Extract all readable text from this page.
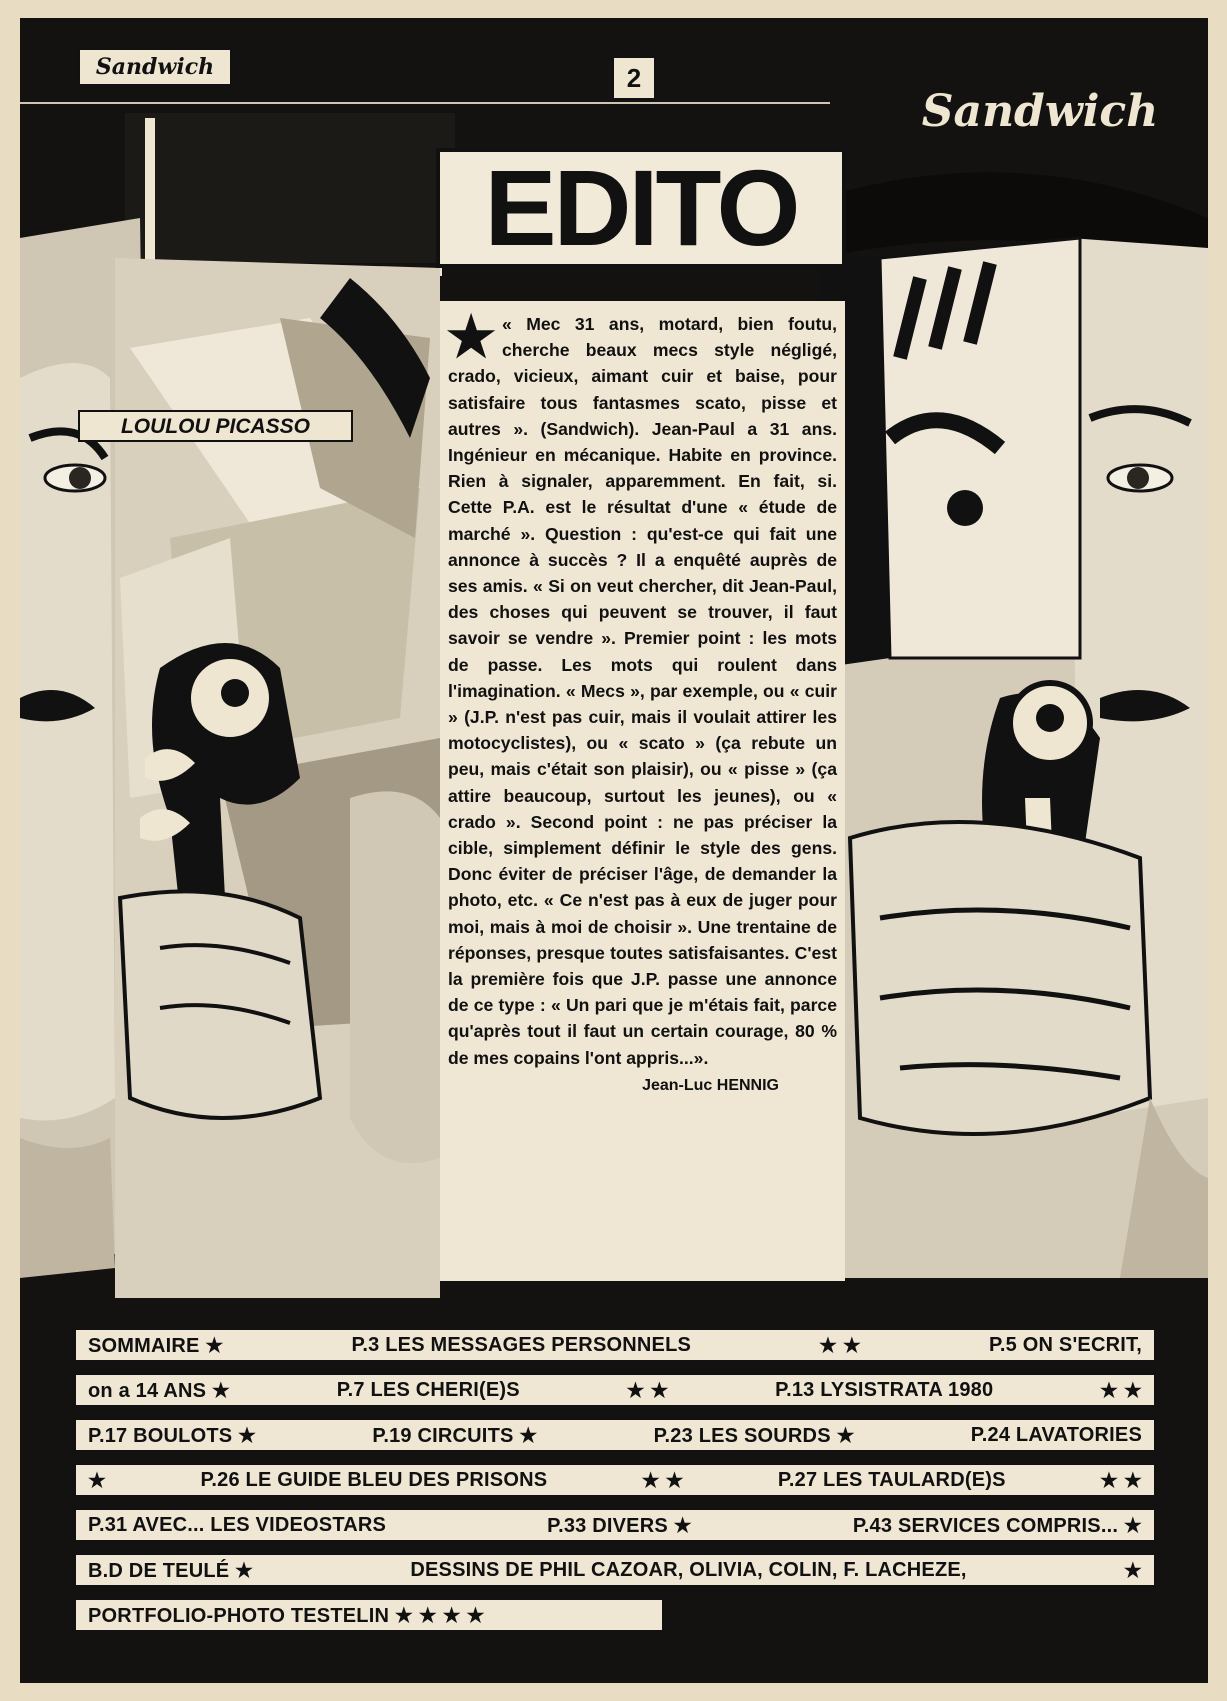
Sandwich	2
Sandwich
EDITO
LOULOU PICASSO
★ « Mec 31 ans, motard, bien foutu, cherche beaux mecs style négligé, crado, vicieux, aimant cuir et baise, pour satisfaire tous fantasmes scato, pisse et autres ». (Sandwich). Jean-Paul a 31 ans. Ingénieur en mécanique. Habite en province. Rien à signaler, apparemment. En fait, si. Cette P.A. est le résultat d'une « étude de marché ». Question : qu'est-ce qui fait une annonce à succès ? Il a enquêté auprès de ses amis. « Si on veut chercher, dit Jean-Paul, des choses qui peuvent se trouver, il faut savoir se vendre ». Premier point : les mots de passe. Les mots qui roulent dans l'imagination. « Mecs », par exemple, ou « cuir » (J.P. n'est pas cuir, mais il voulait attirer les motocyclistes), ou « scato » (ça rebute un peu, mais c'était son plaisir), ou « pisse » (ça attire beaucoup, surtout les jeunes), ou « crado ». Second point : ne pas préciser la cible, simplement définir le style des gens. Donc éviter de préciser l'âge, de demander la photo, etc. « Ce n'est pas à eux de juger pour moi, mais à moi de choisir ». Une trentaine de réponses, presque toutes satisfaisantes. C'est la première fois que J.P. passe une annonce de ce type : « Un pari que je m'étais fait, parce qu'après tout il faut un certain courage, 80 % de mes copains l'ont appris...».

Jean-Luc HENNIG
SOMMAIRE ★	P.3 LES MESSAGES PERSONNELS	★ ★	P.5 ON S'ECRIT,
on a 14 ANS ★	P.7 LES CHERI(E)S	★ ★	P.13 LYSISTRATA 1980	★ ★
P.17 BOULOTS ★	P.19 CIRCUITS ★	P.23 LES SOURDS ★	P.24 LAVATORIES
★	P.26 LE GUIDE BLEU DES PRISONS	★ ★	P.27 LES TAULARD(E)S	★ ★
P.31 AVEC... LES VIDEOSTARS	P.33 DIVERS ★	P.43 SERVICES COMPRIS... ★
B.D DE TEULÉ ★	DESSINS DE PHIL CAZOAR, OLIVIA, COLIN, F. LACHEZE,	★
PORTFOLIO-PHOTO TESTELIN ★ ★ ★ ★
